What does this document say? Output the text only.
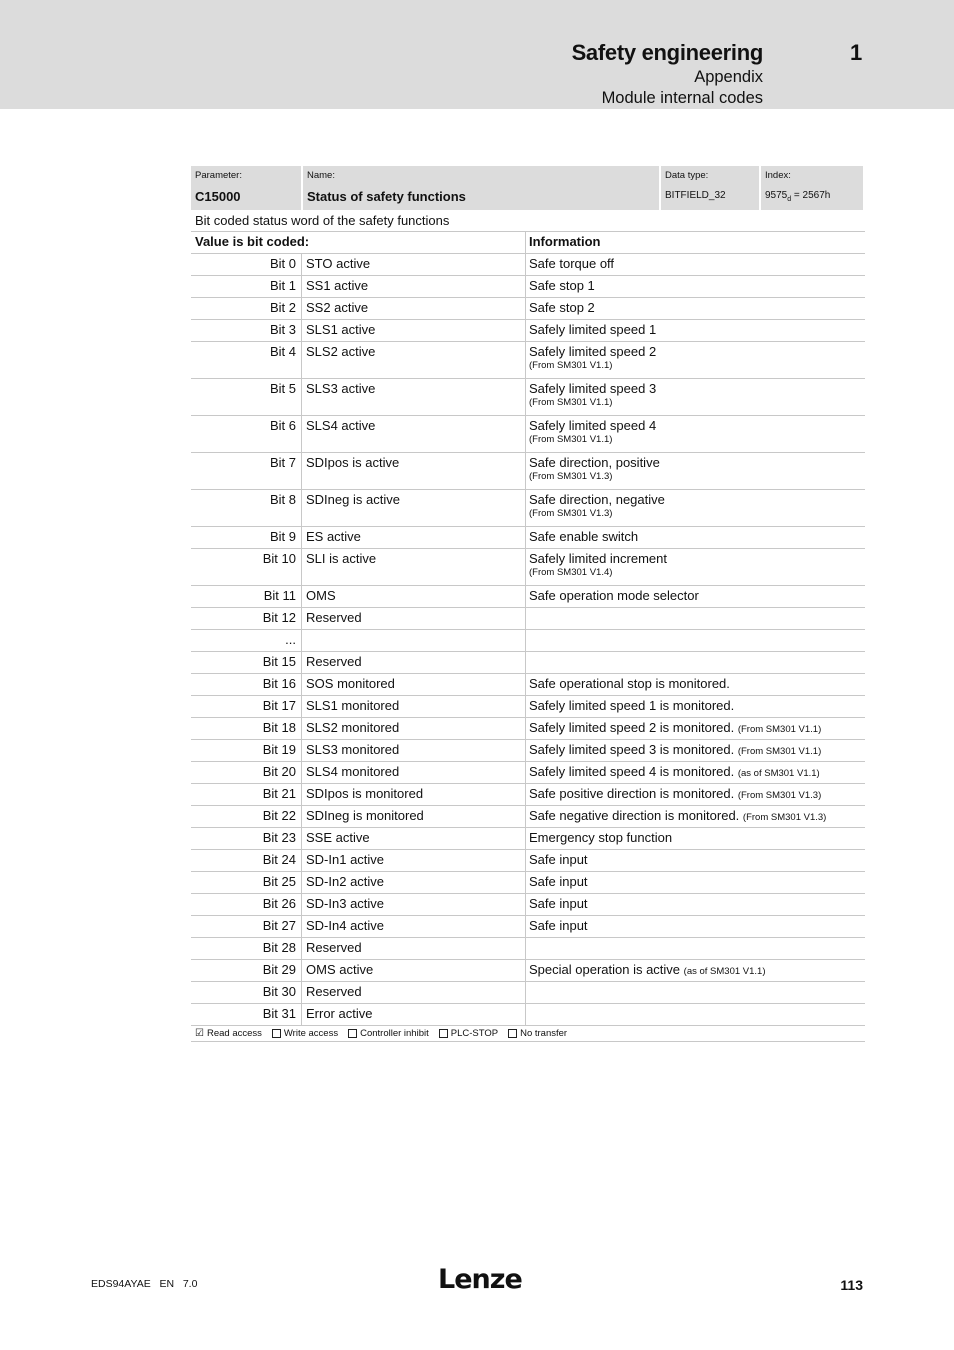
Safety engineering	1
Appendix
Module internal codes
Parameter:
C15000
Name:
Status of safety functions
Data type:
BITFIELD_32
Index:
$9575_d = 2567h$
Bit coded status word of the safety functions
Value is bit coded:	Information
Bit 0 STO active	Safe torque off
Bit 1 SS1 active	Safe stop 1
Bit 2 SS2 active	Safe stop 2
Bit 3 SLS1 active	Safely limited speed 1
Bit 4 SLS2 active	Safely limited speed 2
(From SM301 V1.1)
Bit 5 SLS3 active	Safely limited speed 3
(From SM301 V1.1)
Bit 6 SLS4 active	Safely limited speed 4
(From SM301 V1.1)
Bit 7 SDIpos is active	Safe direction, positive
(From SM301 V1.3)
Bit 8 SDIneg is active	Safe direction, negative
(From SM301 V1.3)
Bit 9 ES active	Safe enable switch
Bit 10 SLI is active	Safely limited increment
(From SM301 V1.4)
Bit 11 OMS	Safe operation mode selector
Bit 12 Reserved
...
Bit 15 Reserved
Bit 16 SOS monitored	Safe operational stop is monitored.
Bit 17 SLS1 monitored	Safely limited speed 1 is monitored.
Bit 18 SLS2 monitored	Safely limited speed 2 is monitored. (From SM301 V1.1)
Bit 19 SLS3 monitored	Safely limited speed 3 is monitored. (From SM301 V1.1)
Bit 20 SLS4 monitored	Safely limited speed 4 is monitored. (as of SM301 V1.1)
Bit 21 SDIpos is monitored	Safe positive direction is monitored. (From SM301 V1.3)
Bit 22 SDIneg is monitored	Safe negative direction is monitored. (From SM301 V1.3)
Bit 23 SSE active	Emergency stop function
Bit 24 SD-In1 active	Safe input
Bit 25 SD-In2 active	Safe input
Bit 26 SD-In3 active	Safe input
Bit 27 SD-In4 active	Safe input
Bit 28 Reserved
Bit 29 OMS active	Special operation is active (as of SM301 V1.1)
Bit 30 Reserved
Bit 31 Error active
☑ Read access Write access Controller inhibit PLC-STOP No transfer
EDS94AYAE   EN   7.0	Lenze	113
